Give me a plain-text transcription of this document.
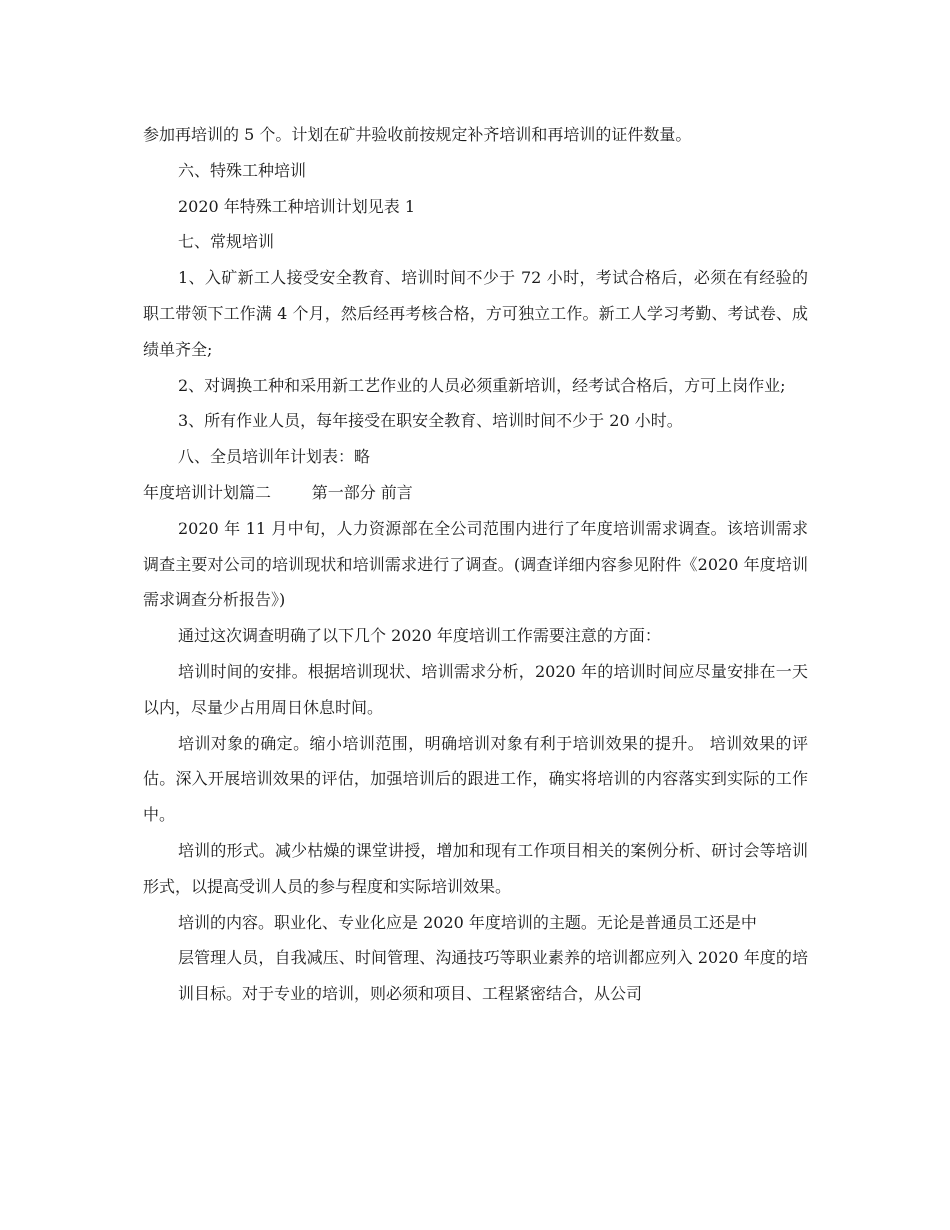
参加再培训的 5 个。计划在矿井验收前按规定补齐培训和再培训的证件数量。

六、特殊工种培训

2020 年特殊工种培训计划见表 1

七、常规培训

1、入矿新工人接受安全教育、培训时间不少于 72 小时，考试合格后，必须在有经验的职工带领下工作满 4 个月，然后经再考核合格，方可独立工作。新工人学习考勤、考试卷、成绩单齐全;

2、对调换工种和采用新工艺作业的人员必须重新培训，经考试合格后，方可上岗作业;

3、所有作业人员，每年接受在职安全教育、培训时间不少于 20 小时。

八、全员培训年计划表：略

年度培训计划篇二        第一部分 前言

2020 年 11 月中旬，人力资源部在全公司范围内进行了年度培训需求调查。该培训需求调查主要对公司的培训现状和培训需求进行了调查。(调查详细内容参见附件《2020 年度培训需求调查分析报告》)

通过这次调查明确了以下几个 2020 年度培训工作需要注意的方面：

培训时间的安排。根据培训现状、培训需求分析，2020 年的培训时间应尽量安排在一天以内，尽量少占用周日休息时间。

培训对象的确定。缩小培训范围，明确培训对象有利于培训效果的提升。 培训效果的评估。深入开展培训效果的评估，加强培训后的跟进工作，确实将培训的内容落实到实际的工作中。

培训的形式。减少枯燥的课堂讲授，增加和现有工作项目相关的案例分析、研讨会等培训形式，以提高受训人员的参与程度和实际培训效果。

培训的内容。职业化、专业化应是 2020 年度培训的主题。无论是普通员工还是中

层管理人员，自我减压、时间管理、沟通技巧等职业素养的培训都应列入 2020 年度的培训目标。对于专业的培训，则必须和项目、工程紧密结合，从公司
